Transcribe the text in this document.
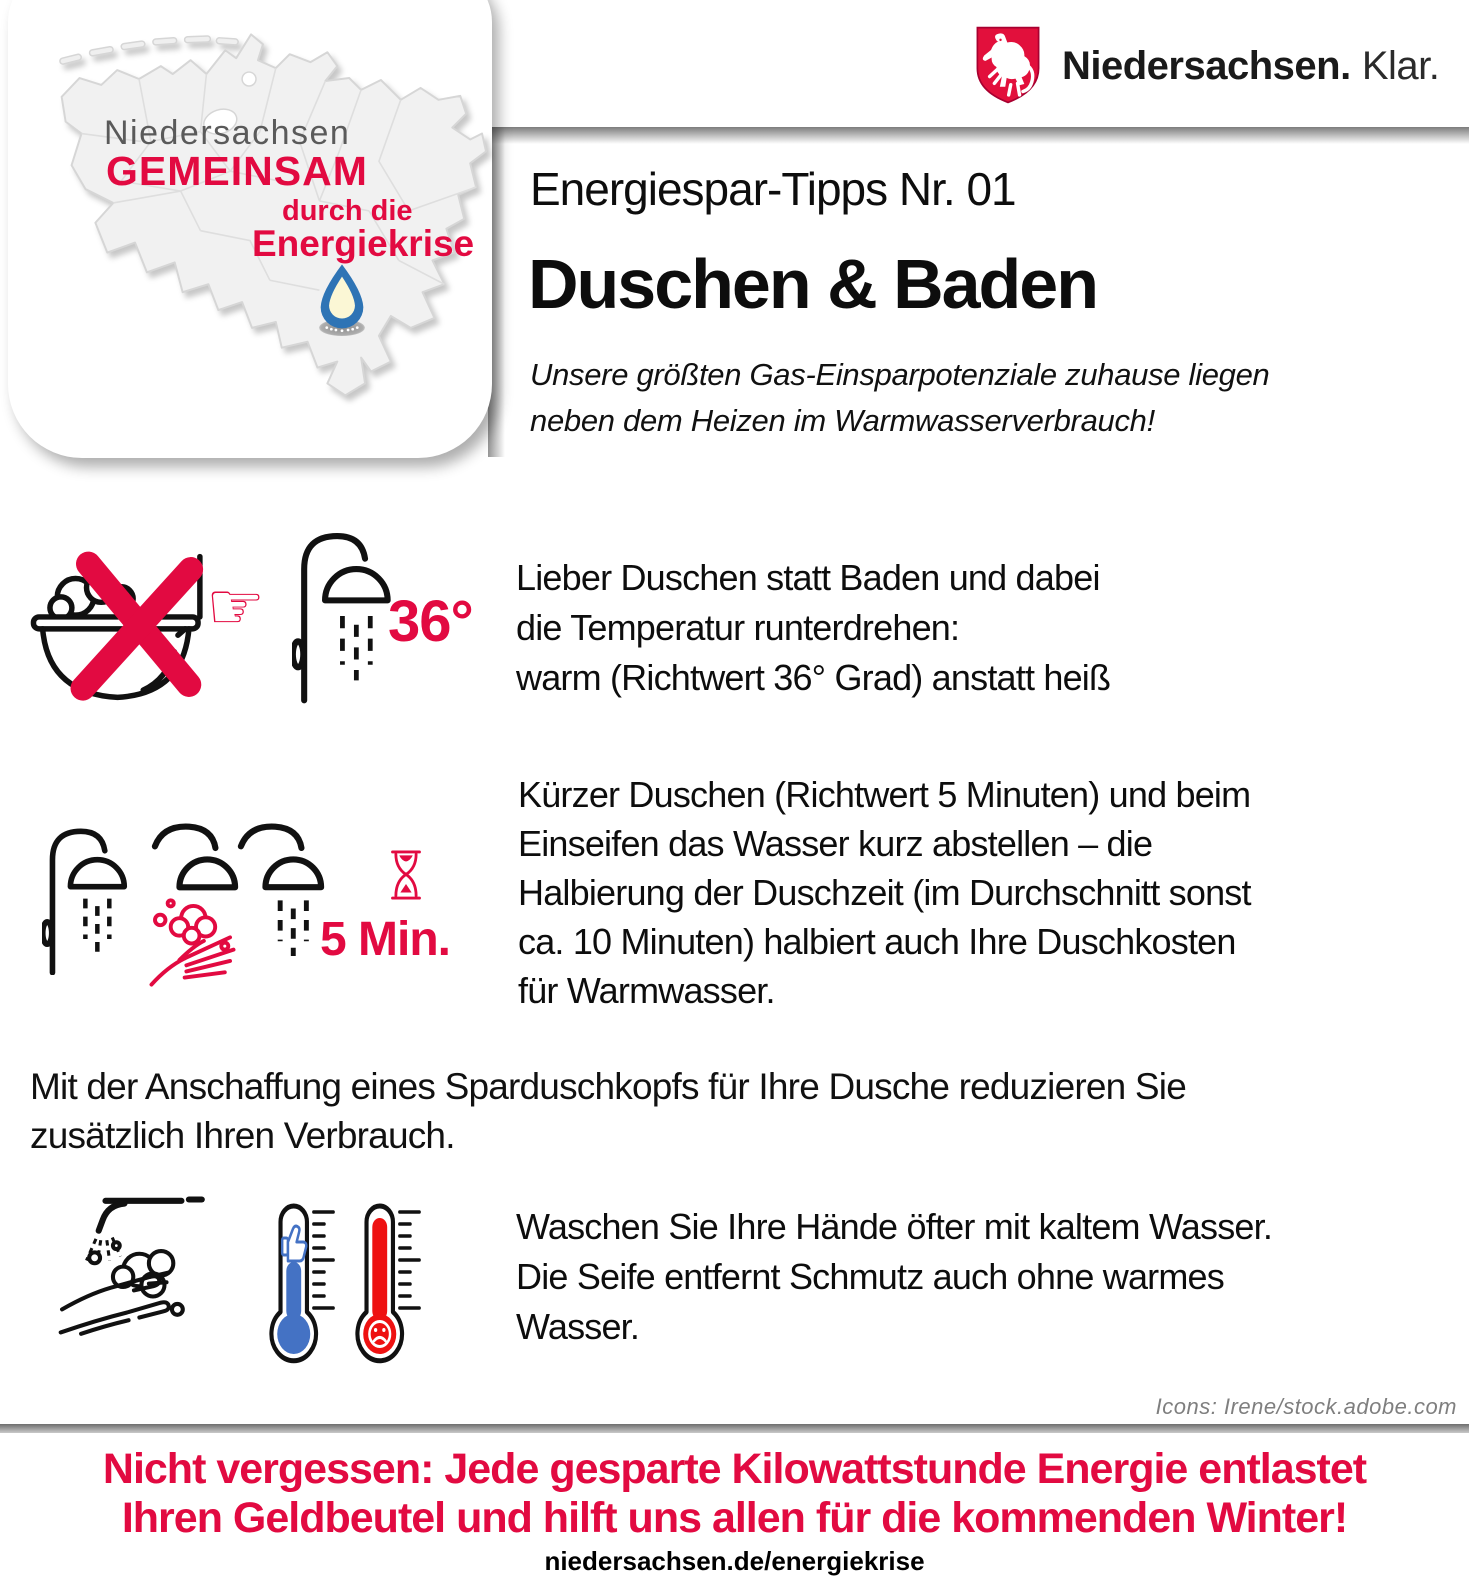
Niedersachsen. Klar.
Niedersachsen
GEMEINSAM
durch die
Energiekrise
Energiespar-Tipps Nr. 01
Duschen & Baden
Unsere größten Gas-Einsparpotenziale zuhause liegen
neben dem Heizen im Warmwasserverbrauch!
☞ 36°
Lieber Duschen statt Baden und dabei
die Temperatur runterdrehen:
warm (Richtwert 36° Grad) anstatt heiß
5 Min.
Kürzer Duschen (Richtwert 5 Minuten) und beim
Einseifen das Wasser kurz abstellen – die
Halbierung der Duschzeit (im Durchschnitt sonst
ca. 10 Minuten) halbiert auch Ihre Duschkosten
für Warmwasser.
Mit der Anschaffung eines Sparduschkopfs für Ihre Dusche reduzieren Sie
zusätzlich Ihren Verbrauch.
Waschen Sie Ihre Hände öfter mit kaltem Wasser.
Die Seife entfernt Schmutz auch ohne warmes
Wasser.
Icons: Irene/stock.adobe.com
Nicht vergessen: Jede gesparte Kilowattstunde Energie entlastet
Ihren Geldbeutel und hilft uns allen für die kommenden Winter!
niedersachsen.de/energiekrise
